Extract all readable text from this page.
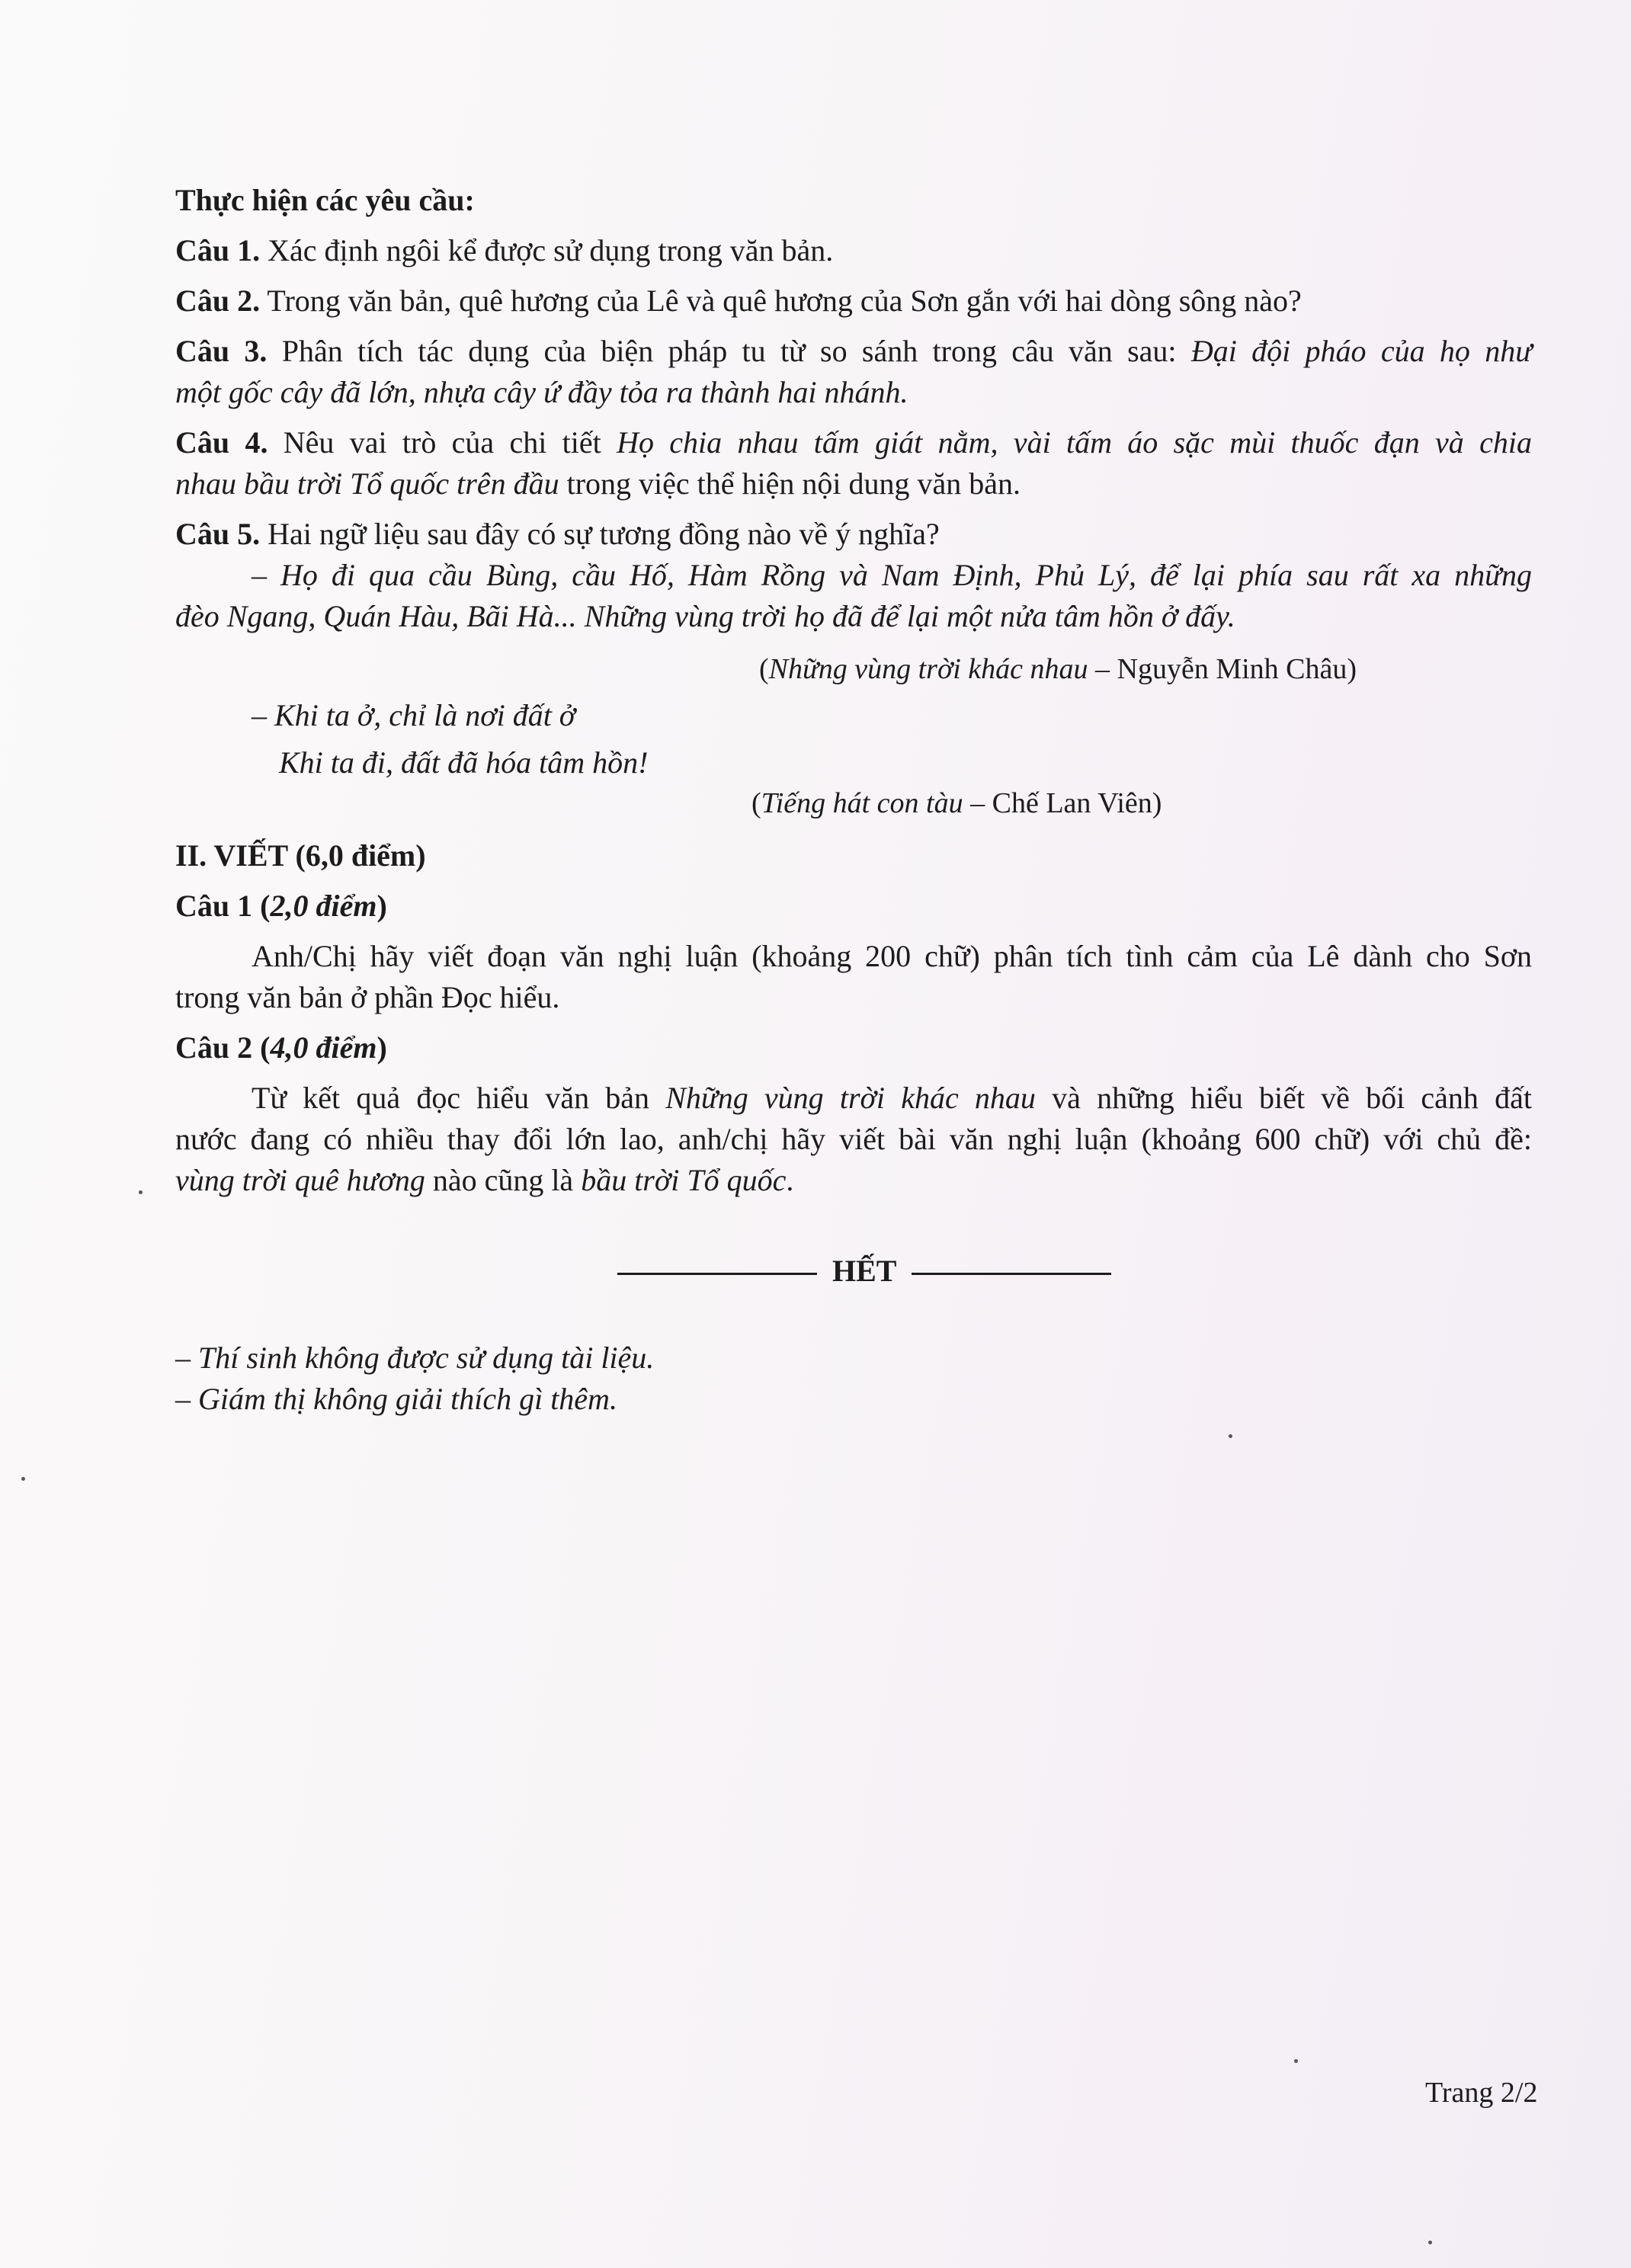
Thực hiện các yêu cầu:

Câu 1. Xác định ngôi kể được sử dụng trong văn bản.

Câu 2. Trong văn bản, quê hương của Lê và quê hương của Sơn gắn với hai dòng sông nào?

Câu 3. Phân tích tác dụng của biện pháp tu từ so sánh trong câu văn sau: Đại đội pháo của họ như

một gốc cây đã lớn, nhựa cây ứ đầy tỏa ra thành hai nhánh.

Câu 4. Nêu vai trò của chi tiết Họ chia nhau tấm giát nằm, vài tấm áo sặc mùi thuốc đạn và chia

nhau bầu trời Tổ quốc trên đầu trong việc thể hiện nội dung văn bản.

Câu 5. Hai ngữ liệu sau đây có sự tương đồng nào về ý nghĩa?

– Họ đi qua cầu Bùng, cầu Hố, Hàm Rồng và Nam Định, Phủ Lý, để lại phía sau rất xa những

đèo Ngang, Quán Hàu, Bãi Hà... Những vùng trời họ đã để lại một nửa tâm hồn ở đấy.

(Những vùng trời khác nhau – Nguyễn Minh Châu)

– Khi ta ở, chỉ là nơi đất ở

Khi ta đi, đất đã hóa tâm hồn!

(Tiếng hát con tàu – Chế Lan Viên)

II. VIẾT (6,0 điểm)

Câu 1 (2,0 điểm)

Anh/Chị hãy viết đoạn văn nghị luận (khoảng 200 chữ) phân tích tình cảm của Lê dành cho Sơn

trong văn bản ở phần Đọc hiểu.

Câu 2 (4,0 điểm)

Từ kết quả đọc hiểu văn bản Những vùng trời khác nhau và những hiểu biết về bối cảnh đất

nước đang có nhiều thay đổi lớn lao, anh/chị hãy viết bài văn nghị luận (khoảng 600 chữ) với chủ đề:

vùng trời quê hương nào cũng là bầu trời Tổ quốc.

HẾT

– Thí sinh không được sử dụng tài liệu.

– Giám thị không giải thích gì thêm.

Trang 2/2
